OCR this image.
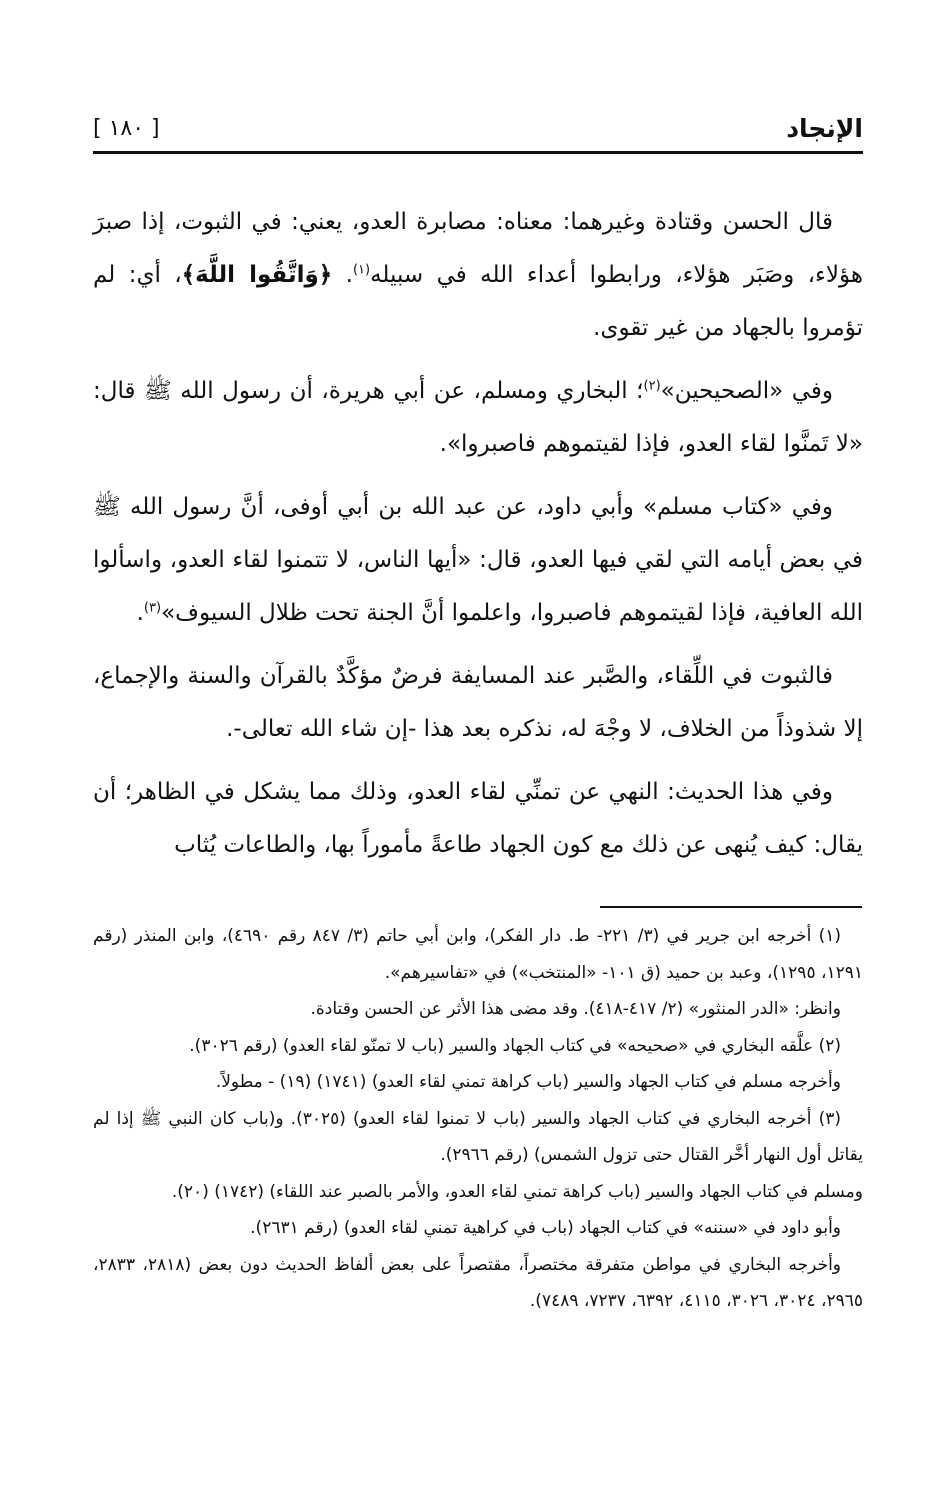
الإنجاد
[ ١٨٠ ]

قال الحسن وقتادة وغيرهما: معناه: مصابرة العدو، يعني: في الثبوت، إذا صبرَ هؤلاء، وصَبَر هؤلاء، ورابطوا أعداء الله في سبيله$^{(١)}$. ﴿وَاتَّقُوا اللَّهَ﴾، أي: لم تؤمروا بالجهاد من غير تقوى.

وفي «الصحيحين»$^{(٢)}$؛ البخاري ومسلم، عن أبي هريرة، أن رسول الله ﷺ قال: «لا تَمنَّوا لقاء العدو، فإذا لقيتموهم فاصبروا».

وفي «كتاب مسلم» وأبي داود، عن عبد الله بن أبي أوفى، أنَّ رسول الله ﷺ في بعض أيامه التي لقي فيها العدو، قال: «أيها الناس، لا تتمنوا لقاء العدو، واسألوا الله العافية، فإذا لقيتموهم فاصبروا، واعلموا أنَّ الجنة تحت ظلال السيوف»$^{(٣)}$.

فالثبوت في اللِّقاء، والصَّبر عند المسايفة فرضٌ مؤكَّدٌ بالقرآن والسنة والإجماع، إلا شذوذاً من الخلاف، لا وجْهَ له، نذكره بعد هذا -إن شاء الله تعالى-.

وفي هذا الحديث: النهي عن تمنِّي لقاء العدو، وذلك مما يشكل في الظاهر؛ أن يقال: كيف يُنهى عن ذلك مع كون الجهاد طاعةً مأموراً بها، والطاعات يُثاب

(١) أخرجه ابن جرير في (٣/ ٢٢١- ط. دار الفكر)، وابن أبي حاتم (٣/ ٨٤٧ رقم ٤٦٩٠)، وابن المنذر (رقم ١٢٩١، ١٢٩٥)، وعبد بن حميد (ق ١٠١- «المنتخب») في «تفاسيرهم».

وانظر: «الدر المنثور» (٢/ ٤١٧-٤١٨). وقد مضى هذا الأثر عن الحسن وقتادة.

(٢) علَّقه البخاري في «صحيحه» في كتاب الجهاد والسير (باب لا تمنّو لقاء العدو) (رقم ٣٠٢٦).

وأخرجه مسلم في كتاب الجهاد والسير (باب كراهة تمني لقاء العدو) (١٧٤١) (١٩) - مطولاً.

(٣) أخرجه البخاري في كتاب الجهاد والسير (باب لا تمنوا لقاء العدو) (٣٠٢٥). و(باب كان النبي ﷺ إذا لم يقاتل أول النهار أخَّر القتال حتى تزول الشمس) (رقم ٢٩٦٦).

ومسلم في كتاب الجهاد والسير (باب كراهة تمني لقاء العدو، والأمر بالصبر عند اللقاء) (١٧٤٢) (٢٠).

وأبو داود في «سننه» في كتاب الجهاد (باب في كراهية تمني لقاء العدو) (رقم ٢٦٣١).

وأخرجه البخاري في مواطن متفرقة مختصراً، مقتصراً على بعض ألفاظ الحديث دون بعض (٢٨١٨، ٢٨٣٣، ٢٩٦٥، ٣٠٢٤، ٣٠٢٦، ٤١١٥، ٦٣٩٢، ٧٢٣٧، ٧٤٨٩).
